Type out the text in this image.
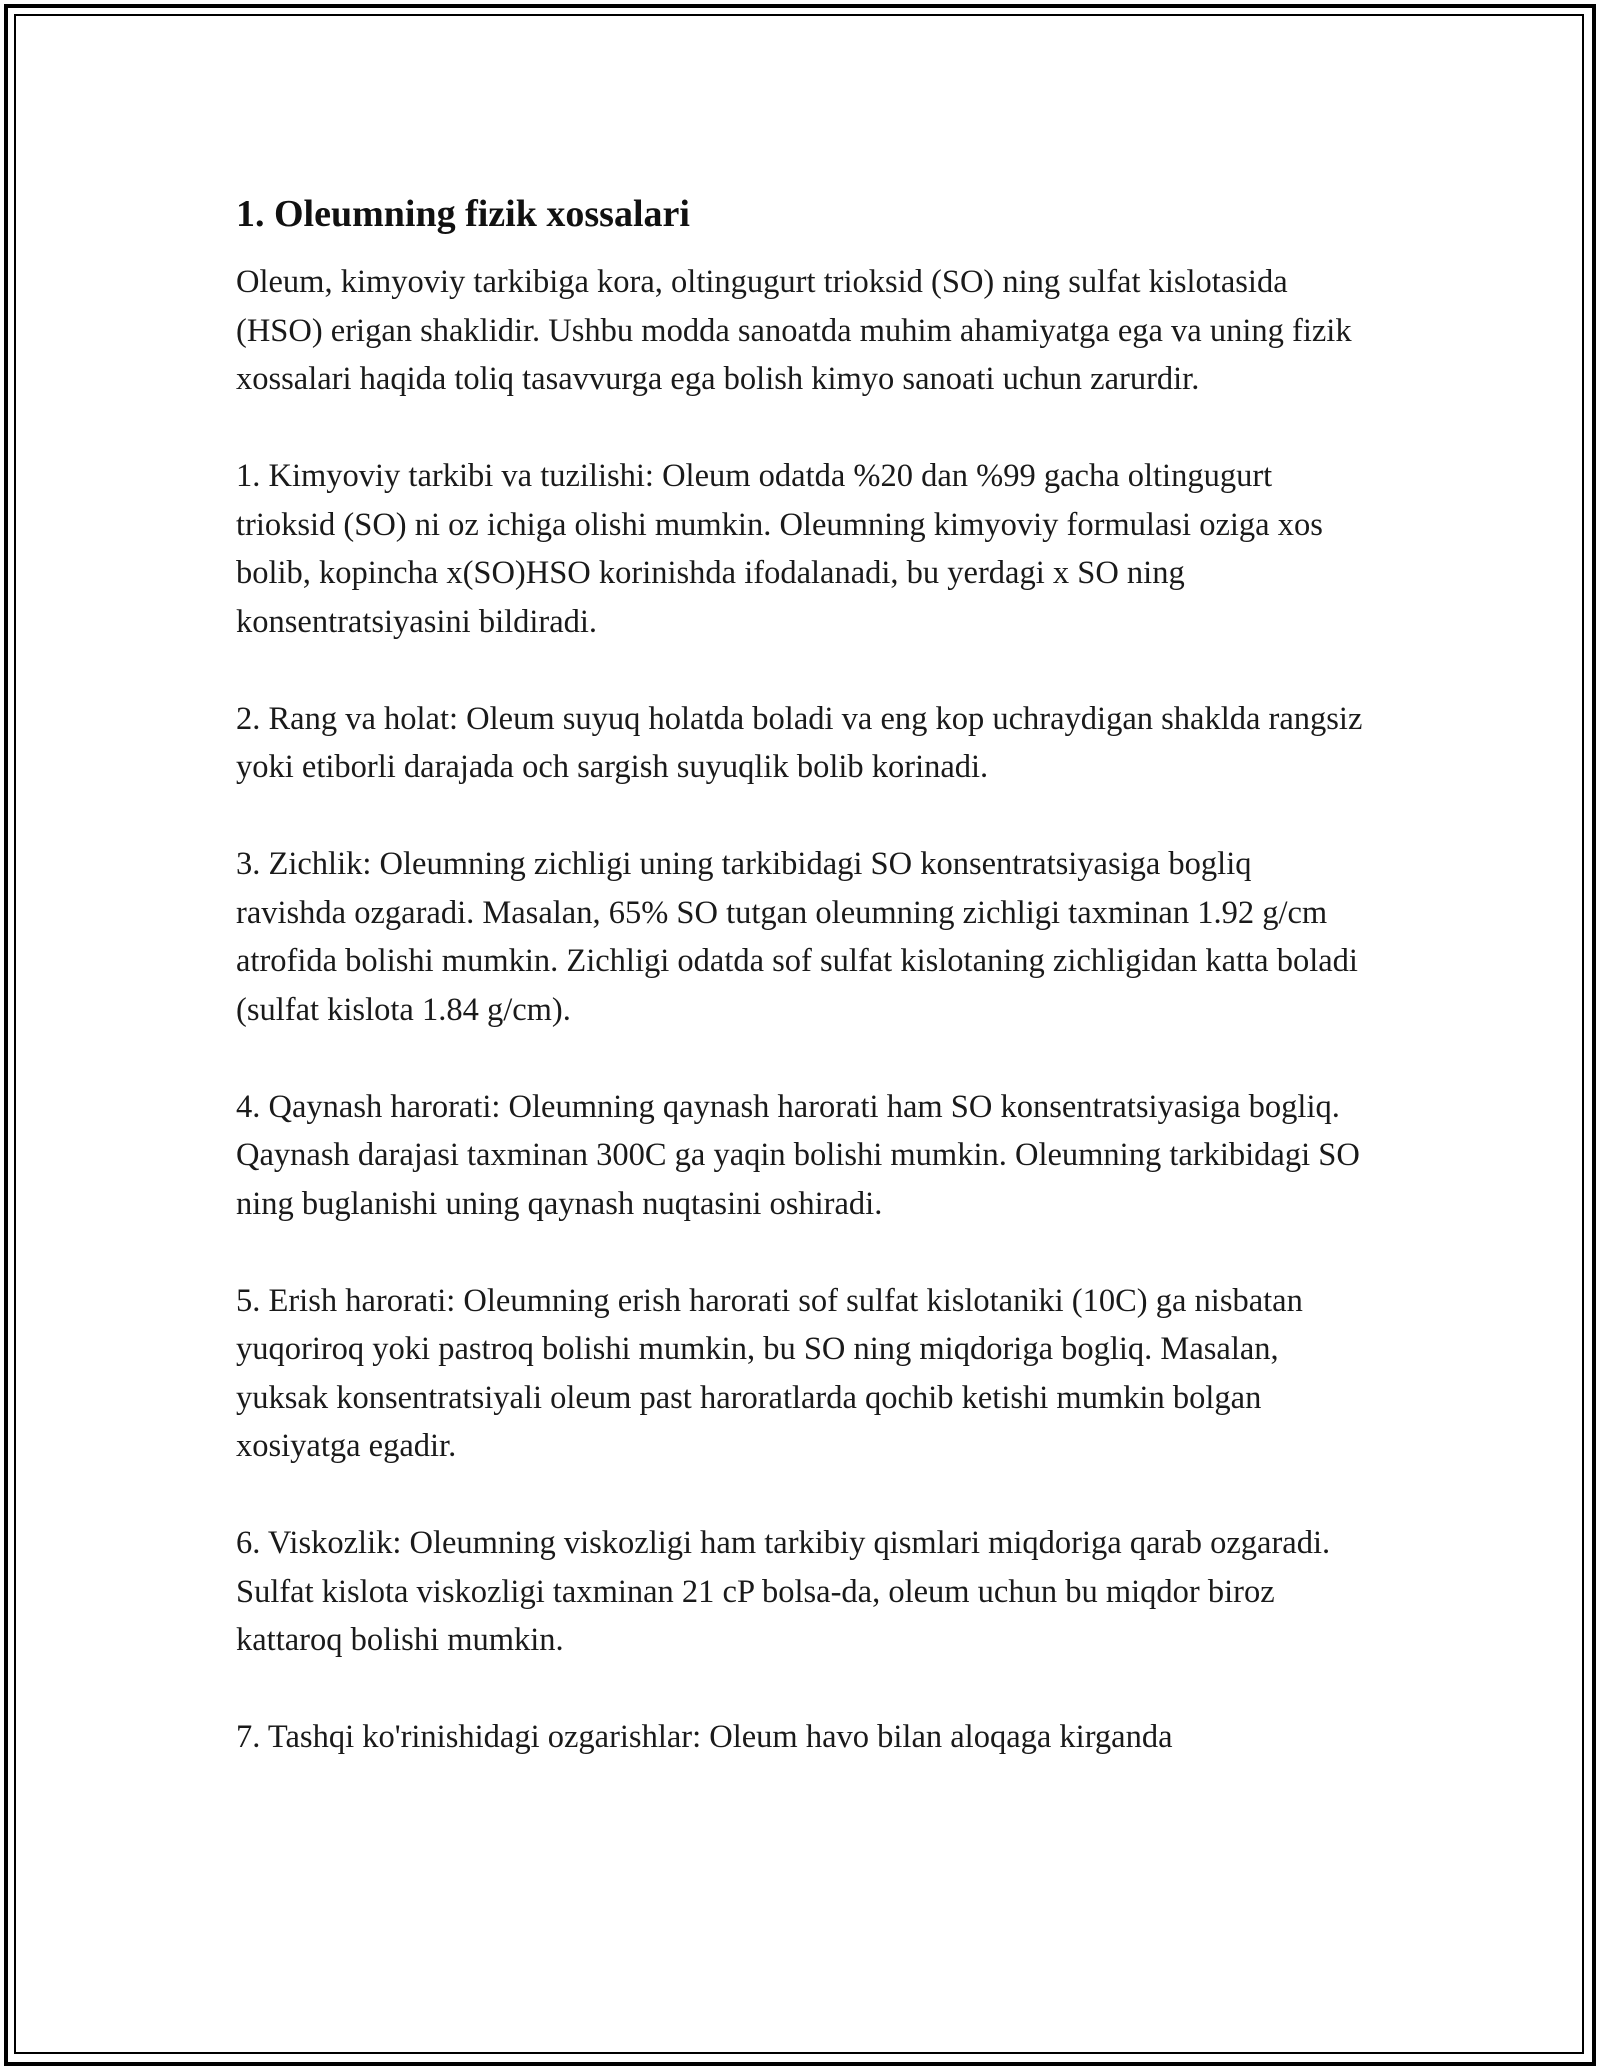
1. Oleumning fizik xossalari

Oleum, kimyoviy tarkibiga kora, oltingugurt trioksid (SO) ning sulfat kislotasida (HSO) erigan shaklidir. Ushbu modda sanoatda muhim ahamiyatga ega va uning fizik xossalari haqida toliq tasavvurga ega bolish kimyo sanoati uchun zarurdir.

1. Kimyoviy tarkibi va tuzilishi: Oleum odatda %20 dan %99 gacha oltingugurt trioksid (SO) ni oz ichiga olishi mumkin. Oleumning kimyoviy formulasi oziga xos bolib, kopincha x(SO)HSO korinishda ifodalanadi, bu yerdagi x SO ning konsentratsiyasini bildiradi.

2. Rang va holat: Oleum suyuq holatda boladi va eng kop uchraydigan shaklda rangsiz yoki etiborli darajada och sargish suyuqlik bolib korinadi.

3. Zichlik: Oleumning zichligi uning tarkibidagi SO konsentratsiyasiga bogliq ravishda ozgaradi. Masalan, 65% SO tutgan oleumning zichligi taxminan 1.92 g/cm atrofida bolishi mumkin. Zichligi odatda sof sulfat kislotaning zichligidan katta boladi (sulfat kislota 1.84 g/cm).

4. Qaynash harorati: Oleumning qaynash harorati ham SO konsentratsiyasiga bogliq. Qaynash darajasi taxminan 300C ga yaqin bolishi mumkin. Oleumning tarkibidagi SO ning buglanishi uning qaynash nuqtasini oshiradi.

5. Erish harorati: Oleumning erish harorati sof sulfat kislotaniki (10C) ga nisbatan yuqoriroq yoki pastroq bolishi mumkin, bu SO ning miqdoriga bogliq. Masalan, yuksak konsentratsiyali oleum past haroratlarda qochib ketishi mumkin bolgan xosiyatga egadir.

6. Viskozlik: Oleumning viskozligi ham tarkibiy qismlari miqdoriga qarab ozgaradi. Sulfat kislota viskozligi taxminan 21 cP bolsa-da, oleum uchun bu miqdor biroz kattaroq bolishi mumkin.

7. Tashqi ko'rinishidagi ozgarishlar: Oleum havo bilan aloqaga kirganda
